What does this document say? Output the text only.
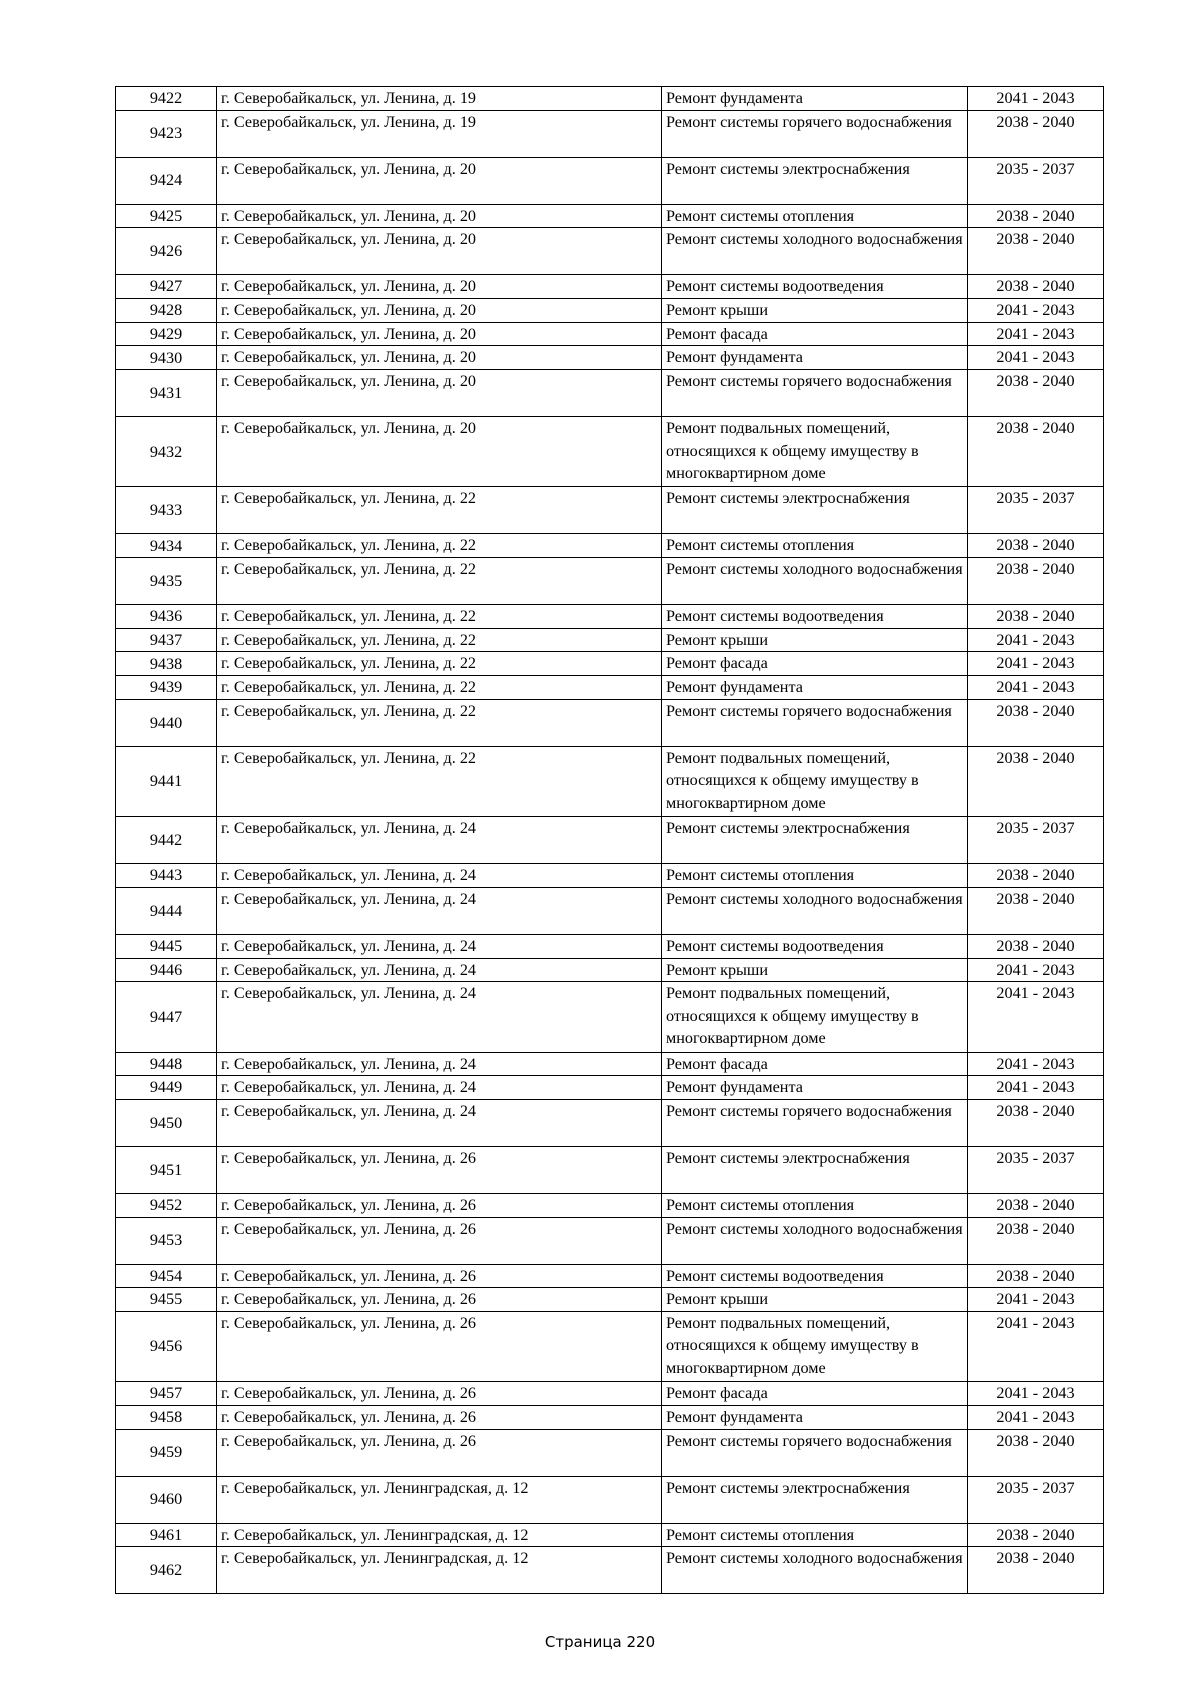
9422	г. Северобайкальск, ул. Ленина, д. 19	Ремонт фундамента	2041 - 2043
9423	г. Северобайкальск, ул. Ленина, д. 19	Ремонт системы горячего водоснабжения	2038 - 2040
9424	г. Северобайкальск, ул. Ленина, д. 20	Ремонт системы электроснабжения	2035 - 2037
9425	г. Северобайкальск, ул. Ленина, д. 20	Ремонт системы отопления	2038 - 2040
9426	г. Северобайкальск, ул. Ленина, д. 20	Ремонт системы холодного водоснабжения	2038 - 2040
9427	г. Северобайкальск, ул. Ленина, д. 20	Ремонт системы водоотведения	2038 - 2040
9428	г. Северобайкальск, ул. Ленина, д. 20	Ремонт крыши	2041 - 2043
9429	г. Северобайкальск, ул. Ленина, д. 20	Ремонт фасада	2041 - 2043
9430	г. Северобайкальск, ул. Ленина, д. 20	Ремонт фундамента	2041 - 2043
9431	г. Северобайкальск, ул. Ленина, д. 20	Ремонт системы горячего водоснабжения	2038 - 2040
9432	г. Северобайкальск, ул. Ленина, д. 20	Ремонт подвальных помещений, относящихся к общему имуществу в многоквартирном доме	2038 - 2040
9433	г. Северобайкальск, ул. Ленина, д. 22	Ремонт системы электроснабжения	2035 - 2037
9434	г. Северобайкальск, ул. Ленина, д. 22	Ремонт системы отопления	2038 - 2040
9435	г. Северобайкальск, ул. Ленина, д. 22	Ремонт системы холодного водоснабжения	2038 - 2040
9436	г. Северобайкальск, ул. Ленина, д. 22	Ремонт системы водоотведения	2038 - 2040
9437	г. Северобайкальск, ул. Ленина, д. 22	Ремонт крыши	2041 - 2043
9438	г. Северобайкальск, ул. Ленина, д. 22	Ремонт фасада	2041 - 2043
9439	г. Северобайкальск, ул. Ленина, д. 22	Ремонт фундамента	2041 - 2043
9440	г. Северобайкальск, ул. Ленина, д. 22	Ремонт системы горячего водоснабжения	2038 - 2040
9441	г. Северобайкальск, ул. Ленина, д. 22	Ремонт подвальных помещений, относящихся к общему имуществу в многоквартирном доме	2038 - 2040
9442	г. Северобайкальск, ул. Ленина, д. 24	Ремонт системы электроснабжения	2035 - 2037
9443	г. Северобайкальск, ул. Ленина, д. 24	Ремонт системы отопления	2038 - 2040
9444	г. Северобайкальск, ул. Ленина, д. 24	Ремонт системы холодного водоснабжения	2038 - 2040
9445	г. Северобайкальск, ул. Ленина, д. 24	Ремонт системы водоотведения	2038 - 2040
9446	г. Северобайкальск, ул. Ленина, д. 24	Ремонт крыши	2041 - 2043
9447	г. Северобайкальск, ул. Ленина, д. 24	Ремонт подвальных помещений, относящихся к общему имуществу в многоквартирном доме	2041 - 2043
9448	г. Северобайкальск, ул. Ленина, д. 24	Ремонт фасада	2041 - 2043
9449	г. Северобайкальск, ул. Ленина, д. 24	Ремонт фундамента	2041 - 2043
9450	г. Северобайкальск, ул. Ленина, д. 24	Ремонт системы горячего водоснабжения	2038 - 2040
9451	г. Северобайкальск, ул. Ленина, д. 26	Ремонт системы электроснабжения	2035 - 2037
9452	г. Северобайкальск, ул. Ленина, д. 26	Ремонт системы отопления	2038 - 2040
9453	г. Северобайкальск, ул. Ленина, д. 26	Ремонт системы холодного водоснабжения	2038 - 2040
9454	г. Северобайкальск, ул. Ленина, д. 26	Ремонт системы водоотведения	2038 - 2040
9455	г. Северобайкальск, ул. Ленина, д. 26	Ремонт крыши	2041 - 2043
9456	г. Северобайкальск, ул. Ленина, д. 26	Ремонт подвальных помещений, относящихся к общему имуществу в многоквартирном доме	2041 - 2043
9457	г. Северобайкальск, ул. Ленина, д. 26	Ремонт фасада	2041 - 2043
9458	г. Северобайкальск, ул. Ленина, д. 26	Ремонт фундамента	2041 - 2043
9459	г. Северобайкальск, ул. Ленина, д. 26	Ремонт системы горячего водоснабжения	2038 - 2040
9460	г. Северобайкальск, ул. Ленинградская, д. 12	Ремонт системы электроснабжения	2035 - 2037
9461	г. Северобайкальск, ул. Ленинградская, д. 12	Ремонт системы отопления	2038 - 2040
9462	г. Северобайкальск, ул. Ленинградская, д. 12	Ремонт системы холодного водоснабжения	2038 - 2040
Страница 220
